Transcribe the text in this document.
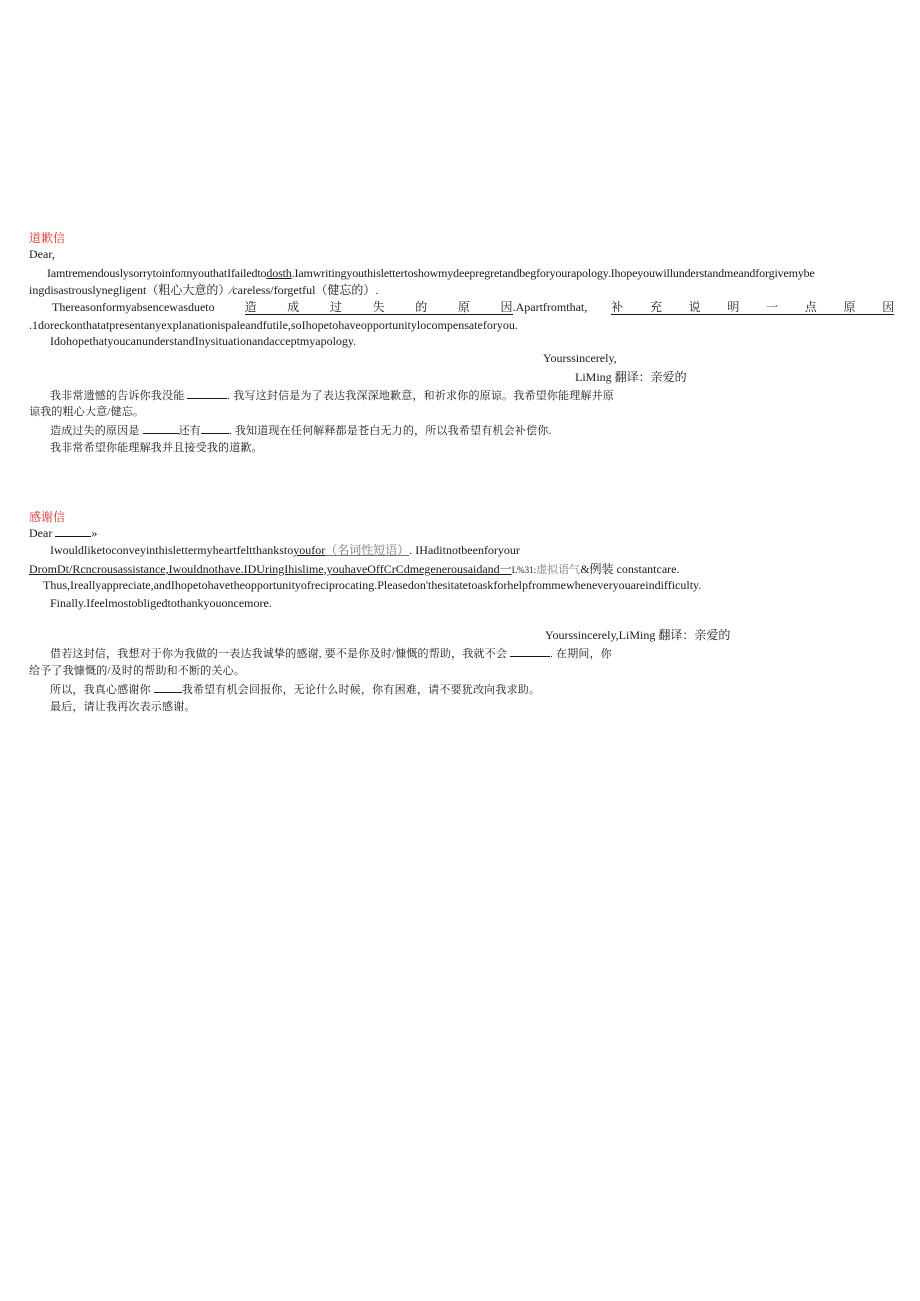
道歉信
Dear,
IamtremendouslysorrytoinfoπnyouthatIfailedtodosth.Iamwritingyouthislettertoshowmydeepregretandbegforyourapology.Ihopeyouwillunderstandmeandforgivemybe
ingdisastrouslynegligent（粗心大意的）∕careless/forgetful（健忘的）.
Thereasonformyabsencewasdueto	造	成	过	失	的	原	因 .Apartfromthat, 补 充 说 明 一 点 原 因
.1doreckonthatatpresentanyexplanationispaleandfutile,soIhopetohaveopportunitylocompensateforyou.
IdohopethatyoucanunderstandInysituationandacceptmyapology.
Yourssincerely,
LiMing 翻译：亲爱的
我非常遗憾的告诉你我没能	. 我写这封信是为了表达我深深地歉意，和祈求你的原谅。我希望你能理解并原
谅我的粗心大意/健忘。
造成过失的原因是	还有	. 我知道现在任何解释都是苍白无力的，所以我希望有机会补偿你.
我非常希望你能理解我并且接受我的道歉。
感谢信
Dear	»
Iwouldliketoconveyinthislettermyheartfeltthankstoyoufor（名词性短语）. IHaditnotbeenforyour
DromDt/Rcncrousassistance,Iwouldnothave.IDUringIhislime,youhaveOffCrCdmegenerousaidand一L%31:虚拟语气&例装 constantcare.
Thus,Ireallyappreciate,andIhopetohavetheopportunityofreciprocating.Pleasedon'thesitatetoaskforhelpfrommewheneveryouareindifficulty.
Finally.Ifeelmostobligedtothankyouoncemore.
Yourssincerely,LiMing 翻译：亲爱的
借若这封信，我想对于你为我做的一表达我诚挚的感谢, 要不是你及时/慷慨的帮助，我就不会	. 在期间，你
给予了我慷慨的/及时的帮助和不断的关心。
所以，我真心感谢你	我希望有机会回报你，无论什么时候，你有困难，请不要犹改向我求助。
最后，请让我再次表示感谢。
